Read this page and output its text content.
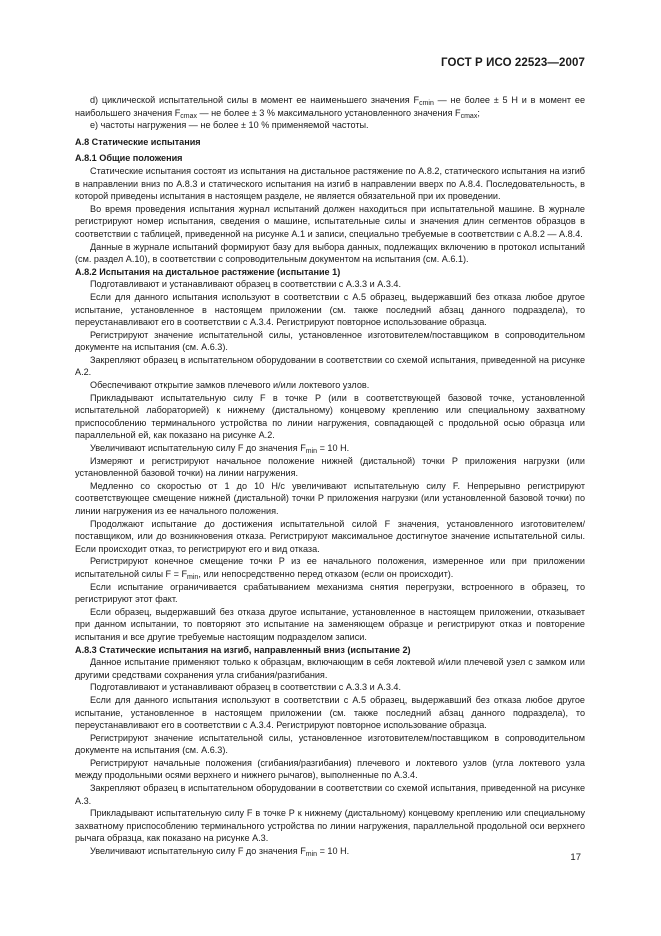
ГОСТ Р ИСО 22523—2007

d) циклической испытательной силы в момент ее наименьшего значения $F_{cmin}$ — не более ± 5 Н и в момент ее наибольшего значения $F_{cmax}$ — не более ± 3 % максимального установленного значения $F_{cmax}$;

е) частоты нагружения — не более ± 10 % применяемой частоты.

А.8 Статические испытания

А.8.1 Общие положения

Статические испытания состоят из испытания на дистальное растяжение по А.8.2, статического испытания на изгиб в направлении вниз по А.8.3 и статического испытания на изгиб в направлении вверх по А.8.4. Последовательность, в которой приведены испытания в настоящем разделе, не является обязательной при их проведении.

Во время проведения испытания журнал испытаний должен находиться при испытательной машине. В журнале регистрируют номер испытания, сведения о машине, испытательные силы и значения длин сегментов образцов в соответствии с таблицей, приведенной на рисунке А.1 и записи, специально требуемые в соответствии с А.8.2 — А.8.4.

Данные в журнале испытаний формируют базу для выбора данных, подлежащих включению в протокол испытаний (см. раздел А.10), в соответствии с сопроводительным документом на испытания (см. А.6.1).

А.8.2 Испытания на дистальное растяжение (испытание 1)

Подготавливают и устанавливают образец в соответствии с А.3.3 и А.3.4.

Если для данного испытания используют в соответствии с А.5 образец, выдержавший без отказа любое другое испытание, установленное в настоящем приложении (см. также последний абзац данного подраздела), то переустанавливают его в соответствии с А.3.4. Регистрируют повторное использование образца.

Регистрируют значение испытательной силы, установленное изготовителем/поставщиком в сопроводительном документе на испытания (см. А.6.3).

Закрепляют образец в испытательном оборудовании в соответствии со схемой испытания, приведенной на рисунке А.2.

Обеспечивают открытие замков плечевого и/или локтевого узлов.

Прикладывают испытательную силу F в точке Р (или в соответствующей базовой точке, установленной испытательной лабораторией) к нижнему (дистальному) концевому креплению или специальному захватному приспособлению терминального устройства по линии нагружения, совпадающей с продольной осью образца или параллельной ей, как показано на рисунке А.2.

Увеличивают испытательную силу F до значения $F_{min} = 10$ Н.

Измеряют и регистрируют начальное положение нижней (дистальной) точки Р приложения нагрузки (или установленной базовой точки) на линии нагружения.

Медленно со скоростью от 1 до 10 Н/с увеличивают испытательную силу F. Непрерывно регистрируют соответствующее смещение нижней (дистальной) точки Р приложения нагрузки (или установленной базовой точки) по линии нагружения из ее начального положения.

Продолжают испытание до достижения испытательной силой F значения, установленного изготовителем/поставщиком, или до возникновения отказа. Регистрируют максимальное достигнутое значение испытательной силы. Если происходит отказ, то регистрируют его и вид отказа.

Регистрируют конечное смещение точки Р из ее начального положения, измеренное или при приложении испытательной силы $F = F_{min}$, или непосредственно перед отказом (если он происходит).

Если испытание ограничивается срабатыванием механизма снятия перегрузки, встроенного в образец, то регистрируют этот факт.

Если образец, выдержавший без отказа другое испытание, установленное в настоящем приложении, отказывает при данном испытании, то повторяют это испытание на заменяющем образце и регистрируют отказ и повторение испытания и все другие требуемые настоящим подразделом записи.

А.8.3 Статические испытания на изгиб, направленный вниз (испытание 2)

Данное испытание применяют только к образцам, включающим в себя локтевой и/или плечевой узел с замком или другими средствами сохранения угла сгибания/разгибания.

Подготавливают и устанавливают образец в соответствии с А.3.3 и А.3.4.

Если для данного испытания используют в соответствии с А.5 образец, выдержавший без отказа любое другое испытание, установленное в настоящем приложении (см. также последний абзац данного подраздела), то переустанавливают его в соответствии с А.3.4. Регистрируют повторное использование образца.

Регистрируют значение испытательной силы, установленное изготовителем/поставщиком в сопроводительном документе на испытания (см. А.6.3).

Регистрируют начальные положения (сгибания/разгибания) плечевого и локтевого узлов (угла локтевого узла между продольными осями верхнего и нижнего рычагов), выполненные по А.3.4.

Закрепляют образец в испытательном оборудовании в соответствии со схемой испытания, приведенной на рисунке А.3.

Прикладывают испытательную силу F в точке Р к нижнему (дистальному) концевому креплению или специальному захватному приспособлению терминального устройства по линии нагружения, параллельной продольной оси верхнего рычага образца, как показано на рисунке А.3.

Увеличивают испытательную силу F до значения $F_{min} = 10$ Н.

17
